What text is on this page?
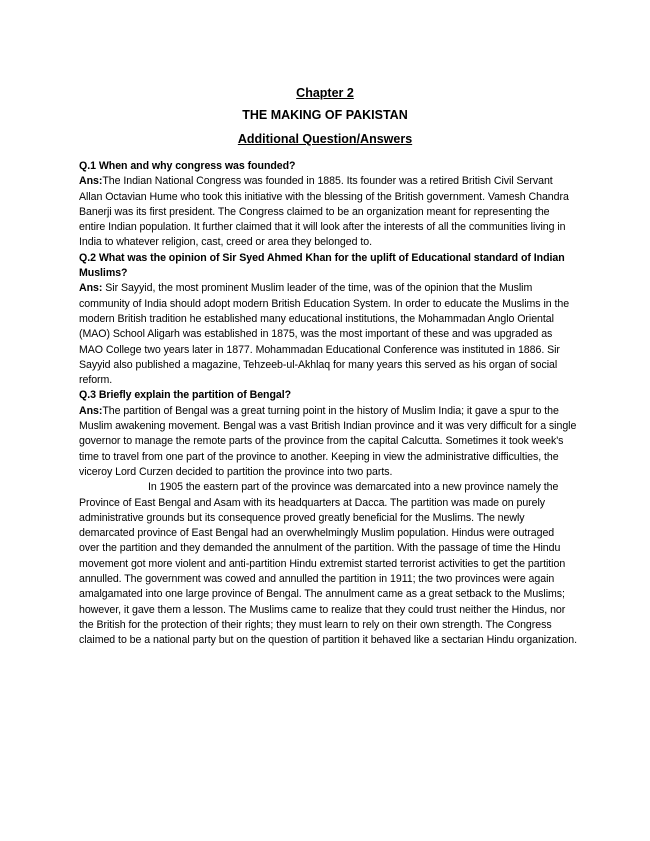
Chapter 2

THE MAKING OF PAKISTAN

Additional Question/Answers

Q.1 When and why congress was founded?

Ans:The Indian National Congress was founded in 1885. Its founder was a retired British Civil Servant Allan Octavian Hume who took this initiative with the blessing of the British government. Vamesh Chandra Banerji was its first president. The Congress claimed to be an organization meant for representing the entire Indian population. It further claimed that it will look after the interests of all the communities living in India to whatever religion, cast, creed or area they belonged to.

Q.2 What was the opinion of Sir Syed Ahmed Khan for the uplift of Educational standard of Indian Muslims?

Ans: Sir Sayyid, the most prominent Muslim leader of the time, was of the opinion that the Muslim community of India should adopt modern British Education System. In order to educate the Muslims in the modern British tradition he established many educational institutions, the Mohammadan Anglo Oriental (MAO) School Aligarh was established in 1875, was the most important of these and was upgraded as MAO College two years later in 1877. Mohammadan Educational Conference was instituted in 1886. Sir Sayyid also published a magazine, Tehzeeb-ul-Akhlaq for many years this served as his organ of social reform.

Q.3 Briefly explain the partition of Bengal?

Ans:The partition of Bengal was a great turning point in the history of Muslim India; it gave a spur to the Muslim awakening movement. Bengal was a vast British Indian province and it was very difficult for a single governor to manage the remote parts of the province from the capital Calcutta. Sometimes it took week's time to travel from one part of the province to another. Keeping in view the administrative difficulties, the viceroy Lord Curzen decided to partition the province into two parts.

In 1905 the eastern part of the province was demarcated into a new province namely the Province of East Bengal and Asam with its headquarters at Dacca. The partition was made on purely administrative grounds but its consequence proved greatly beneficial for the Muslims. The newly demarcated province of East Bengal had an overwhelmingly Muslim population. Hindus were outraged over the partition and they demanded the annulment of the partition. With the passage of time the Hindu movement got more violent and anti-partition Hindu extremist started terrorist activities to get the partition annulled. The government was cowed and annulled the partition in 1911; the two provinces were again amalgamated into one large province of Bengal. The annulment came as a great setback to the Muslims; however, it gave them a lesson. The Muslims came to realize that they could trust neither the Hindus, nor the British for the protection of their rights; they must learn to rely on their own strength. The Congress claimed to be a national party but on the question of partition it behaved like a sectarian Hindu organization.
